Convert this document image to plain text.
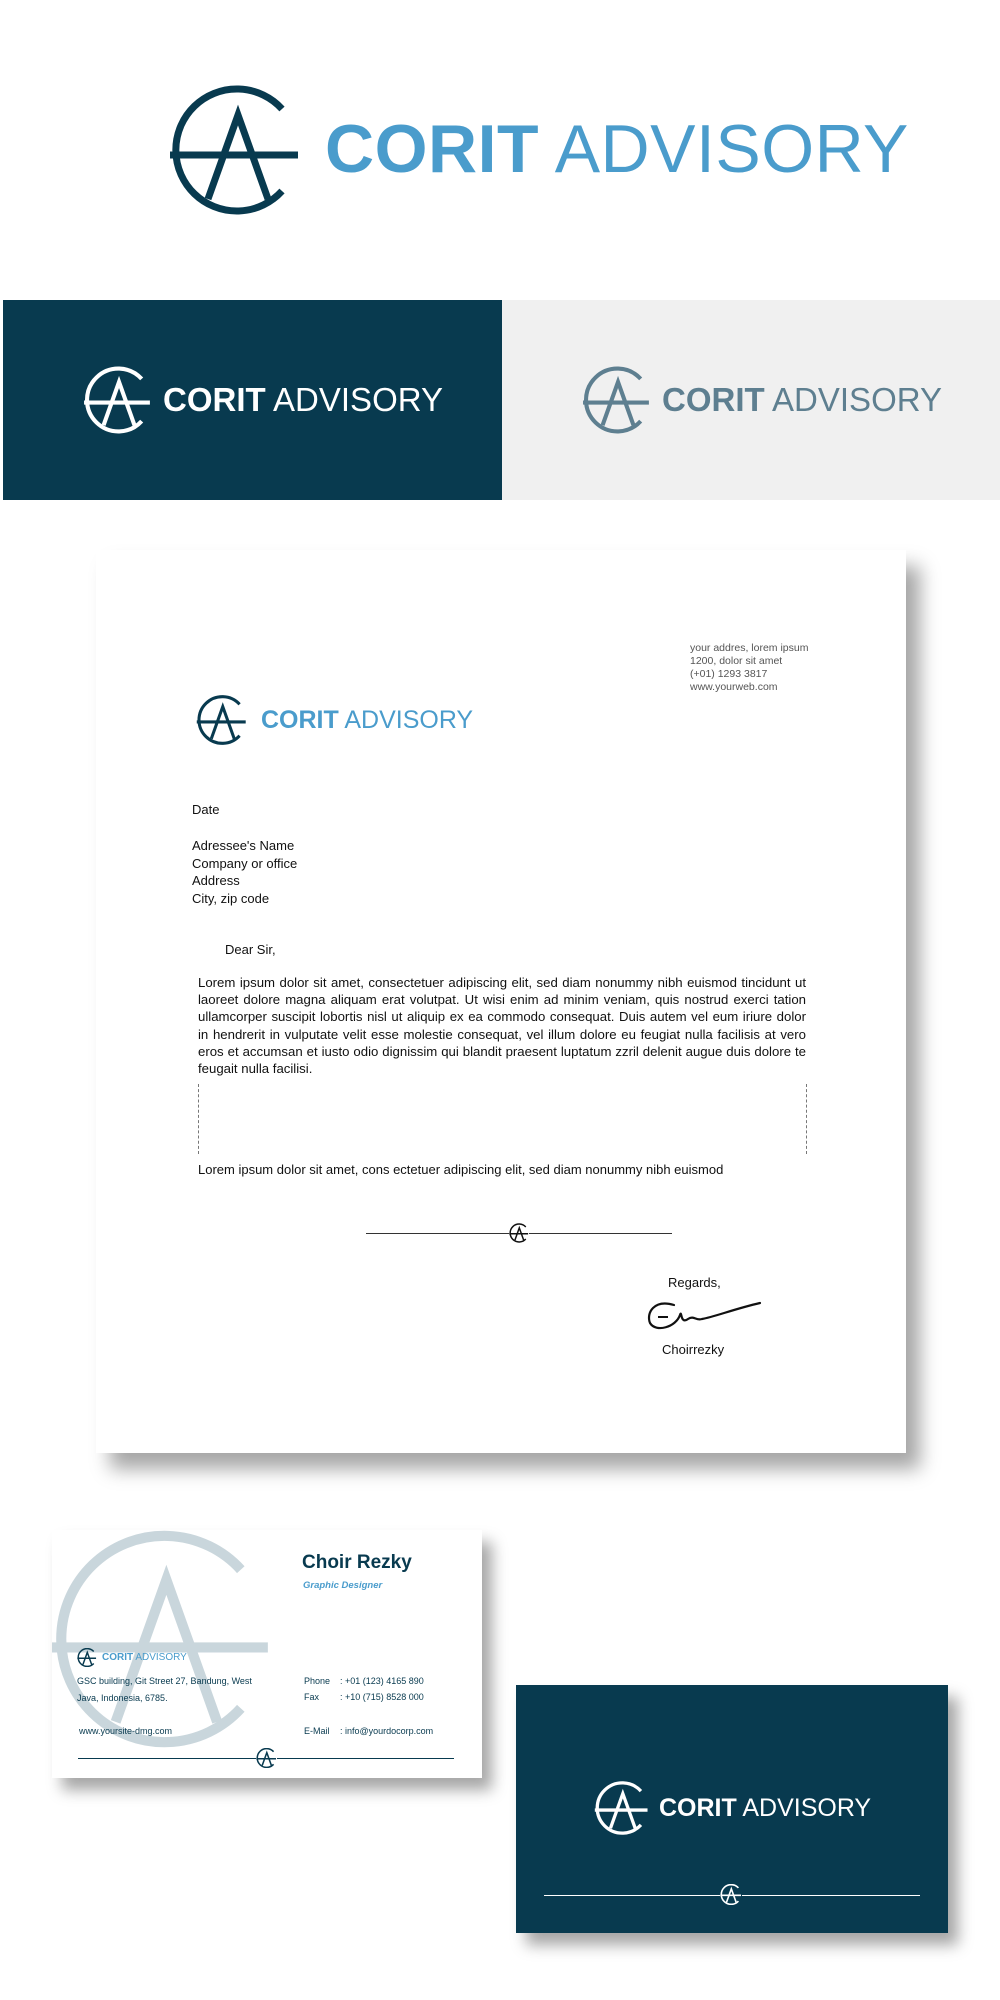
CORIT ADVISORY
CORIT ADVISORY	CORIT ADVISORY
your addres, lorem ipsum
1200, dolor sit amet
(+01) 1293 3817
www.yourweb.com
CORIT ADVISORY
Date
Adressee's Name
Company or office
Address
City, zip code
Dear Sir,
Lorem ipsum dolor sit amet, consectetuer adipiscing elit, sed diam nonummy nibh euismod tincidunt ut laoreet dolore magna aliquam erat volutpat. Ut wisi enim ad minim veniam, quis nostrud exerci tation ullamcorper suscipit lobortis nisl ut aliquip ex ea commodo consequat. Duis autem vel eum iriure dolor in hendrerit in vulputate velit esse molestie consequat, vel illum dolore eu feugiat nulla facilisis at vero eros et accumsan et iusto odio dignissim qui blandit praesent luptatum zzril delenit augue duis dolore te feugait nulla facilisi.
Lorem ipsum dolor sit amet, cons ectetuer adipiscing elit, sed diam nonummy nibh euismod
Regards,
Choirrezky
Choir Rezky
Graphic Designer
CORIT ADVISORY
GSC building, Git Street 27, Bandung, West
Java, Indonesia, 6785.
www.yoursite-dmg.com
Phone : +01 (123) 4165 890
Fax : +10 (715) 8528 000
E-Mail : info@yourdocorp.com
CORIT ADVISORY
